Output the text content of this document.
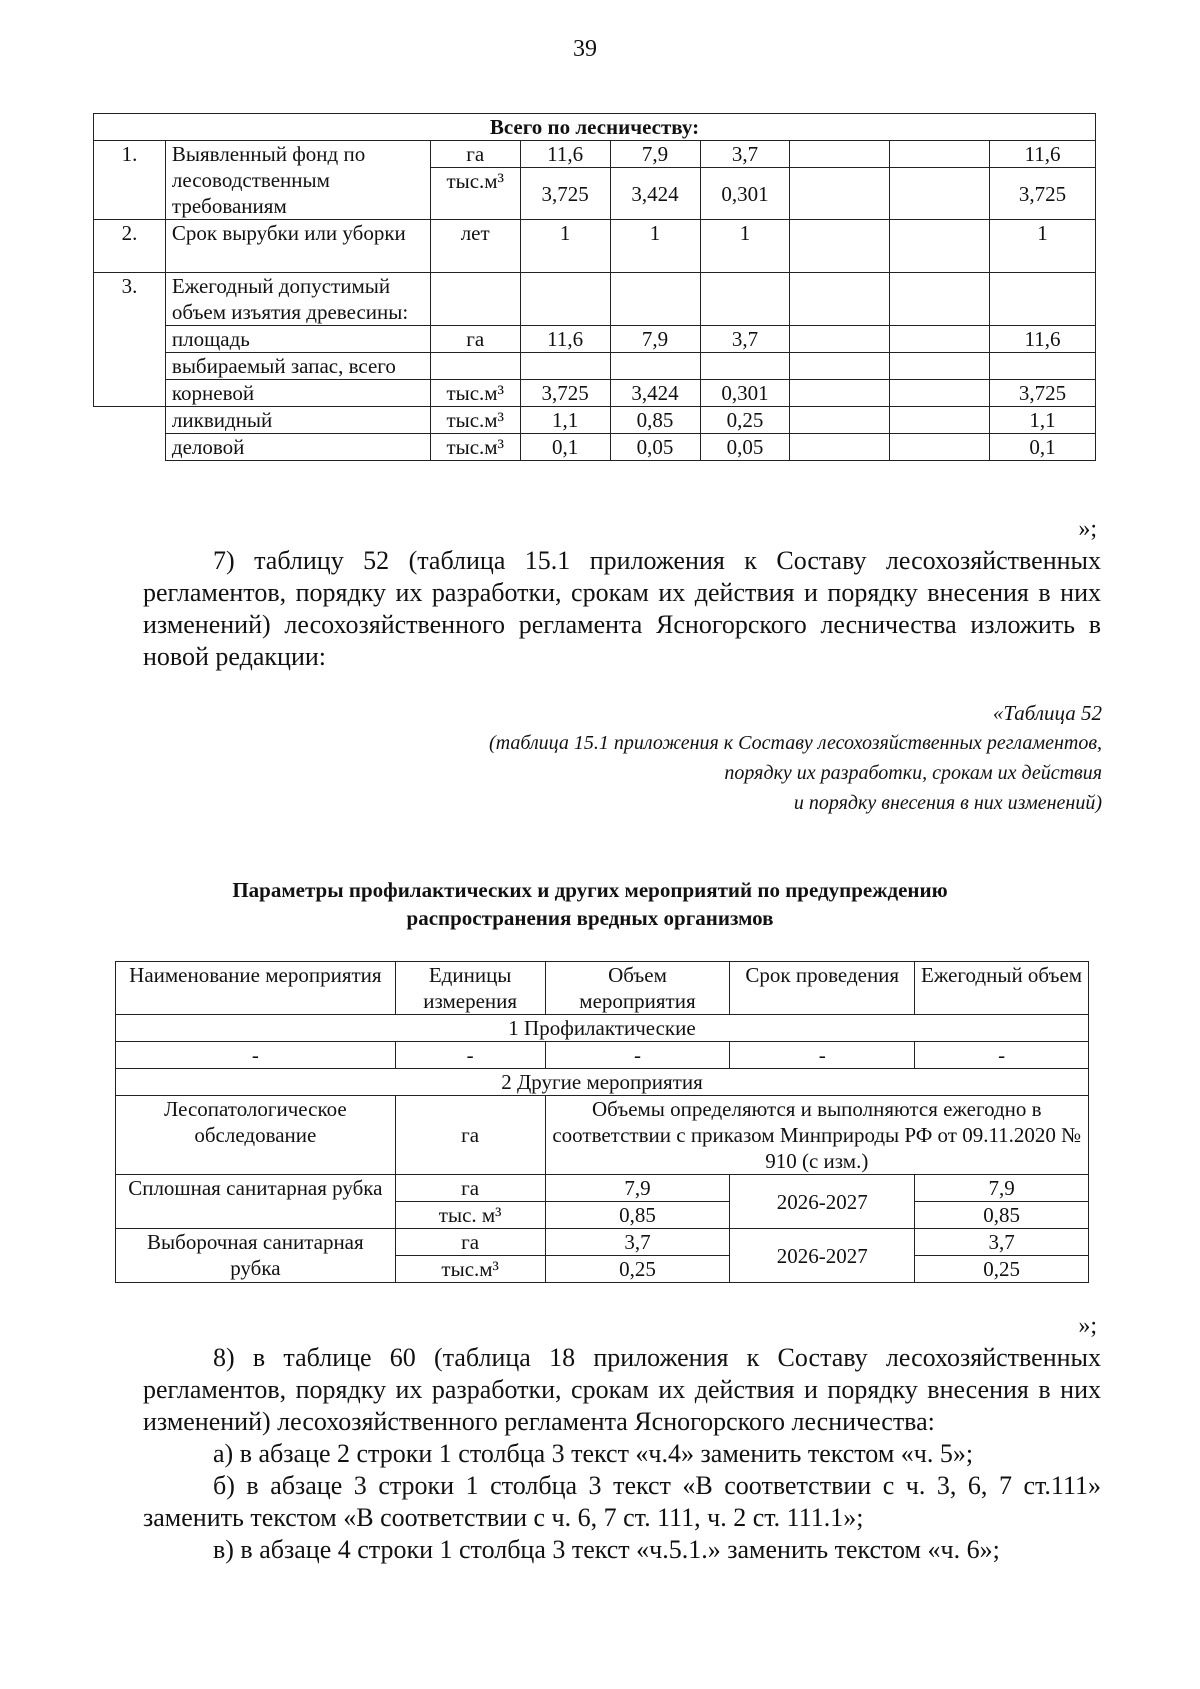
39
Всего по лесничеству:								
1.	Выявленный фонд по лесоводственным требованиям	га	11,6	7,9	3,7			11,6
		тыс.м³	3,725	3,424	0,301			3,725
2.	Срок вырубки или уборки	лет	1	1	1			1
3.	Ежегодный допустимый объем изъятия древесины:							
	площадь	га	11,6	7,9	3,7			11,6
	выбираемый запас, всего							
	корневой	тыс.м³	3,725	3,424	0,301			3,725
	ликвидный	тыс.м³	1,1	0,85	0,25			1,1
	деловой	тыс.м³	0,1	0,05	0,05			0,1
»;
7) таблицу 52 (таблица 15.1 приложения к Составу лесохозяйственных регламентов, порядку их разработки, срокам их действия и порядку внесения в них изменений) лесохозяйственного регламента Ясногорского лесничества изложить в новой редакции:
«Таблица 52
(таблица 15.1 приложения к Составу лесохозяйственных регламентов,
порядку их разработки, срокам их действия
и порядку внесения в них изменений)
Параметры профилактических и других мероприятий по предупреждению
распространения вредных организмов
Наименование мероприятия	Единицы измерения	Объем мероприятия	Срок проведения	Ежегодный объем
1 Профилактические				
-	-	-	-	-
2 Другие мероприятия				
Лесопатологическое обследование	га	Объемы определяются и выполняются ежегодно в соответствии с приказом Минприроды РФ от 09.11.2020 № 910 (с изм.)		
Сплошная санитарная рубка	га	7,9	2026-2027	7,9
	тыс. м³	0,85		0,85
Выборочная санитарная рубка	га	3,7	2026-2027	3,7
	тыс.м³	0,25		0,25
»;
8) в таблице 60 (таблица 18 приложения к Составу лесохозяйственных регламентов, порядку их разработки, срокам их действия и порядку внесения в них изменений) лесохозяйственного регламента Ясногорского лесничества:
а) в абзаце 2 строки 1 столбца 3 текст «ч.4» заменить текстом «ч. 5»;
б) в абзаце 3 строки 1 столбца 3 текст «В соответствии с ч. 3, 6, 7 ст.111» заменить текстом «В соответствии с ч. 6, 7 ст. 111, ч. 2 ст. 111.1»;
в) в абзаце 4 строки 1 столбца 3 текст «ч.5.1.» заменить текстом «ч. 6»;
